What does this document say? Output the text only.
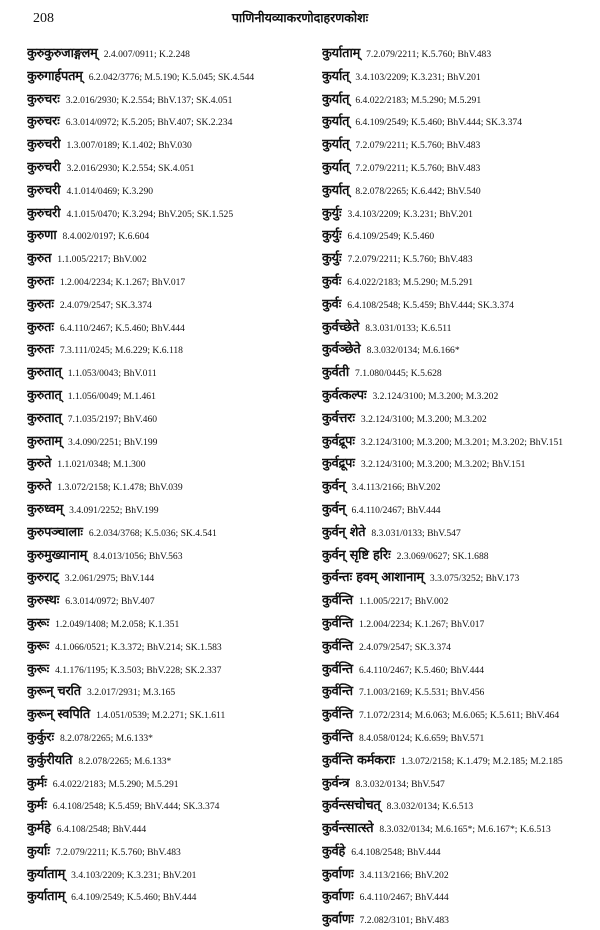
208	पाणिनीयव्याकरणोदाहरणकोशः
कुरुकुरुजाङ्गलम् 2.4.007/0911; K.2.248
कुरुगार्हपतम् 6.2.042/3776; M.5.190; K.5.045; SK.4.544
कुरुचरः 3.2.016/2930; K.2.554; BhV.137; SK.4.051
कुरुचरः 6.3.014/0972; K.5.205; BhV.407; SK.2.234
कुरुचरी 1.3.007/0189; K.1.402; BhV.030
कुरुचरी 3.2.016/2930; K.2.554; SK.4.051
कुरुचरी 4.1.014/0469; K.3.290
कुरुचरी 4.1.015/0470; K.3.294; BhV.205; SK.1.525
कुरुणा 8.4.002/0197; K.6.604
कुरुत 1.1.005/2217; BhV.002
कुरुतः 1.2.004/2234; K.1.267; BhV.017
कुरुतः 2.4.079/2547; SK.3.374
कुरुतः 6.4.110/2467; K.5.460; BhV.444
कुरुतः 7.3.111/0245; M.6.229; K.6.118
कुरुतात् 1.1.053/0043; BhV.011
कुरुतात् 1.1.056/0049; M.1.461
कुरुतात् 7.1.035/2197; BhV.460
कुरुताम् 3.4.090/2251; BhV.199
कुरुते 1.1.021/0348; M.1.300
कुरुते 1.3.072/2158; K.1.478; BhV.039
कुरुध्वम् 3.4.091/2252; BhV.199
कुरुपञ्चालाः 6.2.034/3768; K.5.036; SK.4.541
कुरुमुख्यानाम् 8.4.013/1056; BhV.563
कुरुराट् 3.2.061/2975; BhV.144
कुरुस्थः 6.3.014/0972; BhV.407
कुरूः 1.2.049/1408; M.2.058; K.1.351
कुरूः 4.1.066/0521; K.3.372; BhV.214; SK.1.583
कुरूः 4.1.176/1195; K.3.503; BhV.228; SK.2.337
कुरून् चरति 3.2.017/2931; M.3.165
कुरून् स्वपिति 1.4.051/0539; M.2.271; SK.1.611
कुर्कुरः 8.2.078/2265; M.6.133*
कुर्कुरीयति 8.2.078/2265; M.6.133*
कुर्मः 6.4.022/2183; M.5.290; M.5.291
कुर्मः 6.4.108/2548; K.5.459; BhV.444; SK.3.374
कुर्महे 6.4.108/2548; BhV.444
कुर्याः 7.2.079/2211; K.5.760; BhV.483
कुर्याताम् 3.4.103/2209; K.3.231; BhV.201
कुर्याताम् 6.4.109/2549; K.5.460; BhV.444
कुर्याताम् 7.2.079/2211; K.5.760; BhV.483
कुर्यात् 3.4.103/2209; K.3.231; BhV.201
कुर्यात् 6.4.022/2183; M.5.290; M.5.291
कुर्यात् 6.4.109/2549; K.5.460; BhV.444; SK.3.374
कुर्यात् 7.2.079/2211; K.5.760; BhV.483
कुर्यात् 7.2.079/2211; K.5.760; BhV.483
कुर्यात् 8.2.078/2265; K.6.442; BhV.540
कुर्युः 3.4.103/2209; K.3.231; BhV.201
कुर्युः 6.4.109/2549; K.5.460
कुर्युः 7.2.079/2211; K.5.760; BhV.483
कुर्वः 6.4.022/2183; M.5.290; M.5.291
कुर्वः 6.4.108/2548; K.5.459; BhV.444; SK.3.374
कुर्वच्छेते 8.3.031/0133; K.6.511
कुर्वञ्छेते 8.3.032/0134; M.6.166*
कुर्वती 7.1.080/0445; K.5.628
कुर्वत्कल्पः 3.2.124/3100; M.3.200; M.3.202
कुर्वत्तरः 3.2.124/3100; M.3.200; M.3.202
कुर्वद्रूपः 3.2.124/3100; M.3.200; M.3.201; M.3.202; BhV.151
कुर्वद्रूपः 3.2.124/3100; M.3.200; M.3.202; BhV.151
कुर्वन् 3.4.113/2166; BhV.202
कुर्वन् 6.4.110/2467; BhV.444
कुर्वन् शेते 8.3.031/0133; BhV.547
कुर्वन् सृष्टि हरिः 2.3.069/0627; SK.1.688
कुर्वन्तः हवम् आशानाम् 3.3.075/3252; BhV.173
कुर्वन्ति 1.1.005/2217; BhV.002
कुर्वन्ति 1.2.004/2234; K.1.267; BhV.017
कुर्वन्ति 2.4.079/2547; SK.3.374
कुर्वन्ति 6.4.110/2467; K.5.460; BhV.444
कुर्वन्ति 7.1.003/2169; K.5.531; BhV.456
कुर्वन्ति 7.1.072/2314; M.6.063; M.6.065; K.5.611; BhV.464
कुर्वन्ति 8.4.058/0124; K.6.659; BhV.571
कुर्वन्ति कर्मकराः 1.3.072/2158; K.1.479; M.2.185; M.2.185
कुर्वन्त्र 8.3.032/0134; BhV.547
कुर्वन्त्सचोचत् 8.3.032/0134; K.6.513
कुर्वन्त्सात्स्ते 8.3.032/0134; M.6.165*; M.6.167*; K.6.513
कुर्वहे 6.4.108/2548; BhV.444
कुर्वाणः 3.4.113/2166; BhV.202
कुर्वाणः 6.4.110/2467; BhV.444
कुर्वाणः 7.2.082/3101; BhV.483
